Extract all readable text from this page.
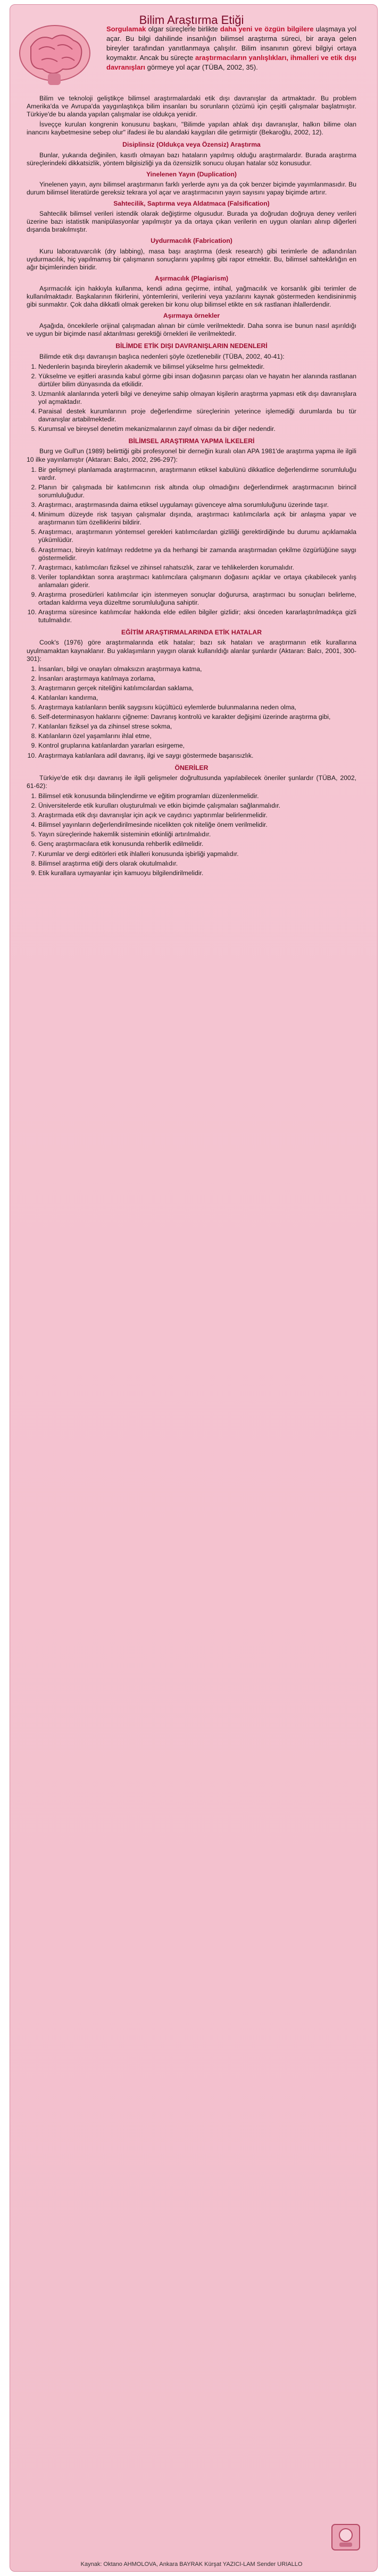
Bilim Araştırma Etiği
Sorgulamak olgar süreçlerle birlikte daha yeni ve özgün bilgilere ulaşmaya yol açar. Bu bilgi dahilinde insanlığın bilimsel araştırma süreci, bir araya gelen bireyler tarafından yanıtlanmaya çalışılır. Bilim insanının görevi bilgiyi ortaya koymaktır. Ancak bu süreçte araştırmacıların yanlışlıkları, ihmalleri ve etik dışı davranışları görmeye yol açar (TÜBA, 2002, 35).

Bilim ve teknoloji geliştikçe bilimsel araştırmalardaki etik dışı davranışlar da artmaktadır. Bu problem Amerika'da ve Avrupa'da yaygınlaştıkça bilim insanları bu sorunların çözümü için çeşitli çalışmalar başlatmıştır. Türkiye'de bu alanda yapılan çalışmalar ise oldukça yenidir.

İsveççe kurulan kongrenin konusunu başkanı, "Bilimde yapılan ahlak dışı davranışlar, halkın bilime olan inancını kaybetmesine sebep olur" ifadesi ile bu alandaki kaygıları dile getirmiştir (Bekaroğlu, 2002, 12).

Disiplinsiz (Oldukça veya Özensiz) Araştırma

Bunlar, yukarıda değinilen, kasıtlı olmayan bazı hataların yapılmış olduğu araştırmalardır. Burada araştırma süreçlerindeki dikkatsizlik, yöntem bilgisizliği ya da özensizlik sonucu oluşan hatalar söz konusudur.

Yinelenen Yayın (Duplication)

Yinelenen yayın, aynı bilimsel araştırmanın farklı yerlerde aynı ya da çok benzer biçimde yayımlanmasıdır. Bu durum bilimsel literatürde gereksiz tekrara yol açar ve araştırmacının yayın sayısını yapay biçimde artırır.

Sahtecilik, Saptırma veya Aldatmaca (Falsification)

Sahtecilik bilimsel verileri istendik olarak değiştirme olgusudur. Burada ya doğrudan doğruya deney verileri üzerine bazı istatistik manipülasyonlar yapılmıştır ya da ortaya çıkan verilerin en uygun olanları alınıp diğerleri dışarıda bırakılmıştır.

Uydurmacılık (Fabrication)

Kuru laboratuvarcılık (dry labbing), masa başı araştırma (desk research) gibi terimlerle de adlandırılan uydurmacılık, hiç yapılmamış bir çalışmanın sonuçlarını yapılmış gibi rapor etmektir. Bu, bilimsel sahtekârlığın en ağır biçimlerinden biridir.

Aşırmacılık (Plagiarism)

Aşırmacılık için hakkıyla kullanma, kendi adına geçirme, intihal, yağmacılık ve korsanlık gibi terimler de kullanılmaktadır. Başkalarının fikirlerini, yöntemlerini, verilerini veya yazılarını kaynak göstermeden kendisininmiş gibi sunmaktır. Çok daha dikkatli olmak gereken bir konu olup bilimsel etikte en sık rastlanan ihlallerdendir.

Aşırmaya örnekler

Aşağıda, öncekilerle orijinal çalışmadan alınan bir cümle verilmektedir. Daha sonra ise bunun nasıl aşırıldığı ve uygun bir biçimde nasıl aktarılması gerektiği örnekleri ile verilmektedir.

BİLİMDE ETİK DIŞI DAVRANIŞLARIN NEDENLERİ

Bilimde etik dışı davranışın başlıca nedenleri şöyle özetlenebilir (TÜBA, 2002, 40-41):

1. Nedenlerin başında bireylerin akademik ve bilimsel yükselme hırsı gelmektedir.
2. Yükselme ve eşitleri arasında kabul görme gibi insan doğasının parçası olan ve hayatın her alanında rastlanan dürtüler bilim dünyasında da etkilidir.
3. Uzmanlık alanlarında yeterli bilgi ve deneyime sahip olmayan kişilerin araştırma yapması etik dışı davranışlara yol açmaktadır.
4. Paraisal destek kurumlarının proje değerlendirme süreçlerinin yeterince işlemediği durumlarda bu tür davranışlar artabilmektedir.
5. Kurumsal ve bireysel denetim mekanizmalarının zayıf olması da bir diğer nedendir.
BİLİMSEL ARAŞTIRMA YAPMA İLKELERİ

Burg ve Gull'un (1989) belirttiği gibi profesyonel bir derneğin kuralı olan APA 1981'de araştırma yapma ile ilgili 10 ilke yayınlamıştır (Aktaran: Balcı, 2002, 296-297):

1. Bir gelişmeyi planlamada araştırmacının, araştırmanın etiksel kabulünü dikkatlice değerlendirme sorumluluğu vardır.
2. Planın bir çalışmada bir katılımcının risk altında olup olmadığını değerlendirmek araştırmacının birincil sorumluluğudur.
3. Araştırmacı, araştırmasında daima etiksel uygulamayı güvenceye alma sorumluluğunu üzerinde taşır.
4. Minimum düzeyde risk taşıyan çalışmalar dışında, araştırmacı katılımcılarla açık bir anlaşma yapar ve araştırmanın tüm özelliklerini bildirir.
5. Araştırmacı, araştırmanın yöntemsel gerekleri katılımcılardan gizliliği gerektirdiğinde bu durumu açıklamakla yükümlüdür.
6. Araştırmacı, bireyin katılmayı reddetme ya da herhangi bir zamanda araştırmadan çekilme özgürlüğüne saygı göstermelidir.
7. Araştırmacı, katılımcıları fiziksel ve zihinsel rahatsızlık, zarar ve tehlikelerden korumalıdır.
8. Veriler toplandıktan sonra araştırmacı katılımcılara çalışmanın doğasını açıklar ve ortaya çıkabilecek yanlış anlamaları giderir.
9. Araştırma prosedürleri katılımcılar için istenmeyen sonuçlar doğurursa, araştırmacı bu sonuçları belirleme, ortadan kaldırma veya düzeltme sorumluluğuna sahiptir.
10. Araştırma süresince katılımcılar hakkında elde edilen bilgiler gizlidir; aksi önceden kararlaştırılmadıkça gizli tutulmalıdır.
EĞİTİM ARAŞTIRMALARINDA ETİK HATALAR

Cook's (1976) göre araştırmalarında etik hatalar; bazı sık hataları ve araştırmanın etik kurallarına uyulmamaktan kaynaklanır. Bu yaklaşımların yaygın olarak kullanıldığı alanlar şunlardır (Aktaran: Balcı, 2001, 300-301):

1. İnsanları, bilgi ve onayları olmaksızın araştırmaya katma,
2. İnsanları araştırmaya katılmaya zorlama,
3. Araştırmanın gerçek niteliğini katılımcılardan saklama,
4. Katılanları kandırma,
5. Araştırmaya katılanların benlik saygısını küçültücü eylemlerde bulunmalarına neden olma,
6. Self-determinasyon haklarını çiğneme: Davranış kontrolü ve karakter değişimi üzerinde araştırma gibi,
7. Katılanları fiziksel ya da zihinsel strese sokma,
8. Katılanların özel yaşamlarını ihlal etme,
9. Kontrol gruplarına katılanlardan yararları esirgeme,
10. Araştırmaya katılanlara adil davranış, ilgi ve saygı göstermede başarısızlık.
ÖNERİLER

Türkiye'de etik dışı davranış ile ilgili gelişmeler doğrultusunda yapılabilecek öneriler şunlardır (TÜBA, 2002, 61-62):

1. Bilimsel etik konusunda bilinçlendirme ve eğitim programları düzenlenmelidir.
2. Üniversitelerde etik kurulları oluşturulmalı ve etkin biçimde çalışmaları sağlanmalıdır.
3. Araştırmada etik dışı davranışlar için açık ve caydırıcı yaptırımlar belirlenmelidir.
4. Bilimsel yayınların değerlendirilmesinde nicelikten çok niteliğe önem verilmelidir.
5. Yayın süreçlerinde hakemlik sisteminin etkinliği artırılmalıdır.
6. Genç araştırmacılara etik konusunda rehberlik edilmelidir.
7. Kurumlar ve dergi editörleri etik ihlalleri konusunda işbirliği yapmalıdır.
8. Bilimsel araştırma etiği ders olarak okutulmalıdır.
9. Etik kurallara uymayanlar için kamuoyu bilgilendirilmelidir.
Kaynak: Oktano AHMOLOVA, Ankara BAYRAK Kürşat YAZICI-LAM Sender URIALLO
